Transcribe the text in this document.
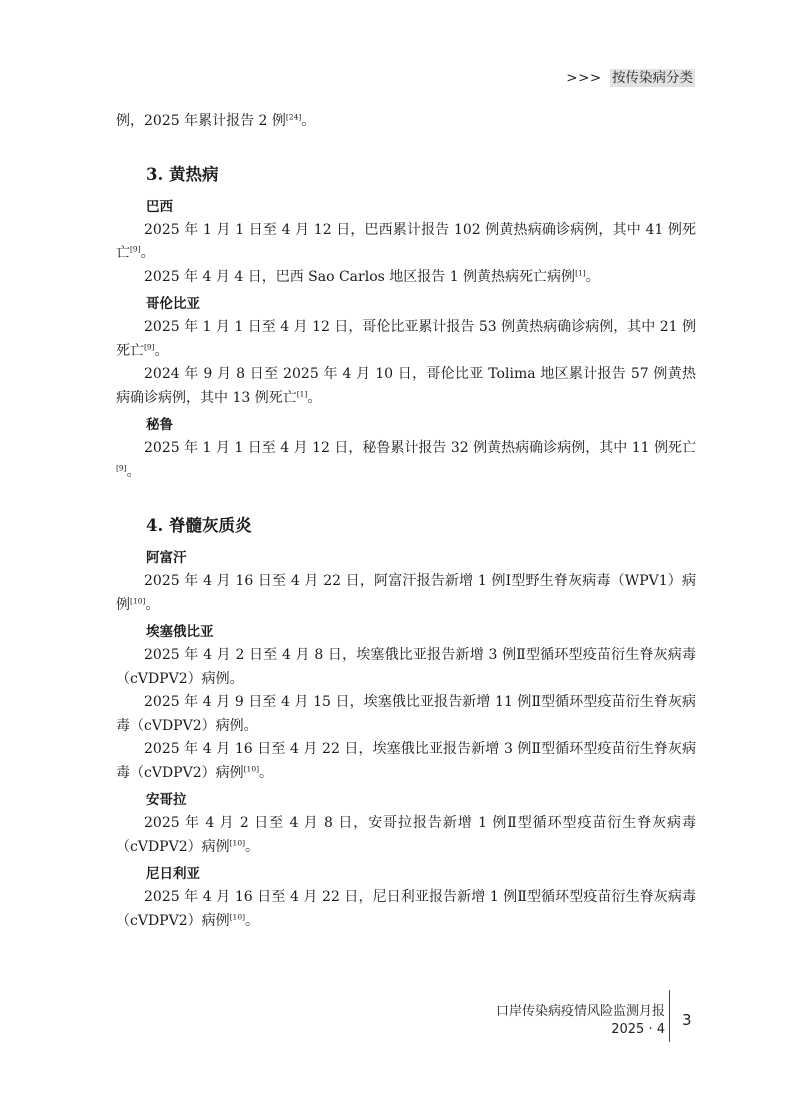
>>> 按传染病分类

例，2025 年累计报告 2 例[24]。

3. 黄热病
巴西

2025 年 1 月 1 日至 4 月 12 日，巴西累计报告 102 例黄热病确诊病例，其中 41 例死亡[9]。

2025 年 4 月 4 日，巴西 Sao Carlos 地区报告 1 例黄热病死亡病例[1]。

哥伦比亚

2025 年 1 月 1 日至 4 月 12 日，哥伦比亚累计报告 53 例黄热病确诊病例，其中 21 例死亡[9]。

2024 年 9 月 8 日至 2025 年 4 月 10 日，哥伦比亚 Tolima 地区累计报告 57 例黄热病确诊病例，其中 13 例死亡[1]。

秘鲁

2025 年 1 月 1 日至 4 月 12 日，秘鲁累计报告 32 例黄热病确诊病例，其中 11 例死亡[9]。

4. 脊髓灰质炎
阿富汗

2025 年 4 月 16 日至 4 月 22 日，阿富汗报告新增 1 例Ⅰ型野生脊灰病毒（WPV1）病例[10]。

埃塞俄比亚

2025 年 4 月 2 日至 4 月 8 日，埃塞俄比亚报告新增 3 例Ⅱ型循环型疫苗衍生脊灰病毒（cVDPV2）病例。

2025 年 4 月 9 日至 4 月 15 日，埃塞俄比亚报告新增 11 例Ⅱ型循环型疫苗衍生脊灰病毒（cVDPV2）病例。

2025 年 4 月 16 日至 4 月 22 日，埃塞俄比亚报告新增 3 例Ⅱ型循环型疫苗衍生脊灰病毒（cVDPV2）病例[10]。

安哥拉

2025 年 4 月 2 日至 4 月 8 日，安哥拉报告新增 1 例Ⅱ型循环型疫苗衍生脊灰病毒（cVDPV2）病例[10]。

尼日利亚

2025 年 4 月 16 日至 4 月 22 日，尼日利亚报告新增 1 例Ⅱ型循环型疫苗衍生脊灰病毒（cVDPV2）病例[10]。

口岸传染病疫情风险监测月报
2025 · 4
3
